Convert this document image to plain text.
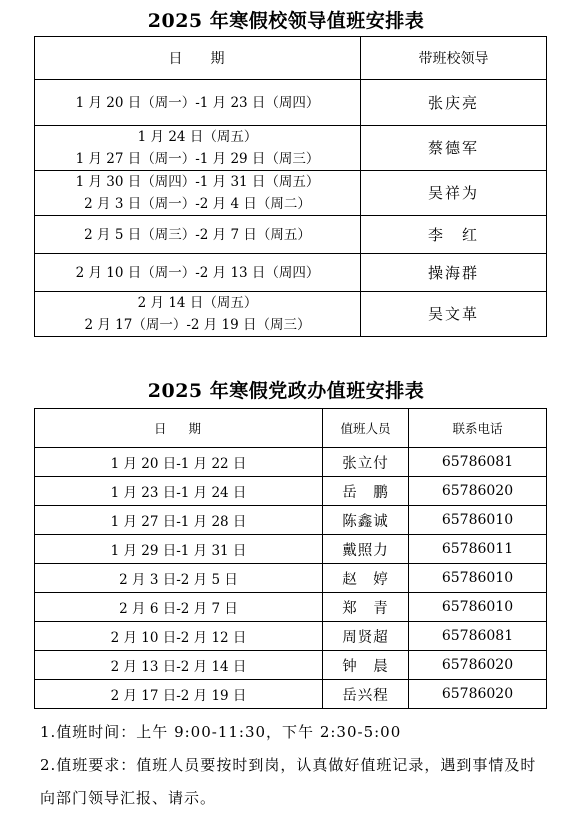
2025 年寒假校领导值班安排表
日期	带班校领导

1 月 20 日（周一）-1 月 23 日（周四）	张庆亮

1 月 24 日（周五）
1 月 27 日（周一）-1 月 29 日（周三）	蔡德军

1 月 30 日（周四）-1 月 31 日（周五）
2 月 3 日（周一）-2 月 4 日（周二）	吴祥为

2 月 5 日（周三）-2 月 7 日（周五）	李　红

2 月 10 日（周一）-2 月 13 日（周四）	操海群

2 月 14 日（周五）
2 月 17（周一）-2 月 19 日（周三）	吴文革
2025 年寒假党政办值班安排表
日期	值班人员	联系电话
1 月 20 日-1 月 22 日	张立付	65786081
1 月 23 日-1 月 24 日	岳　鹏	65786020
1 月 27 日-1 月 28 日	陈鑫诚	65786010
1 月 29 日-1 月 31 日	戴照力	65786011
2 月 3 日-2 月 5 日	赵　婷	65786010
2 月 6 日-2 月 7 日	郑　青	65786010
2 月 10 日-2 月 12 日	周贤超	65786081
2 月 13 日-2 月 14 日	钟　晨	65786020
2 月 17 日-2 月 19 日	岳兴程	65786020

1.值班时间：上午 9:00-11:30，下午 2:30-5:00

2.值班要求：值班人员要按时到岗，认真做好值班记录，遇到事情及时向部门领导汇报、请示。
